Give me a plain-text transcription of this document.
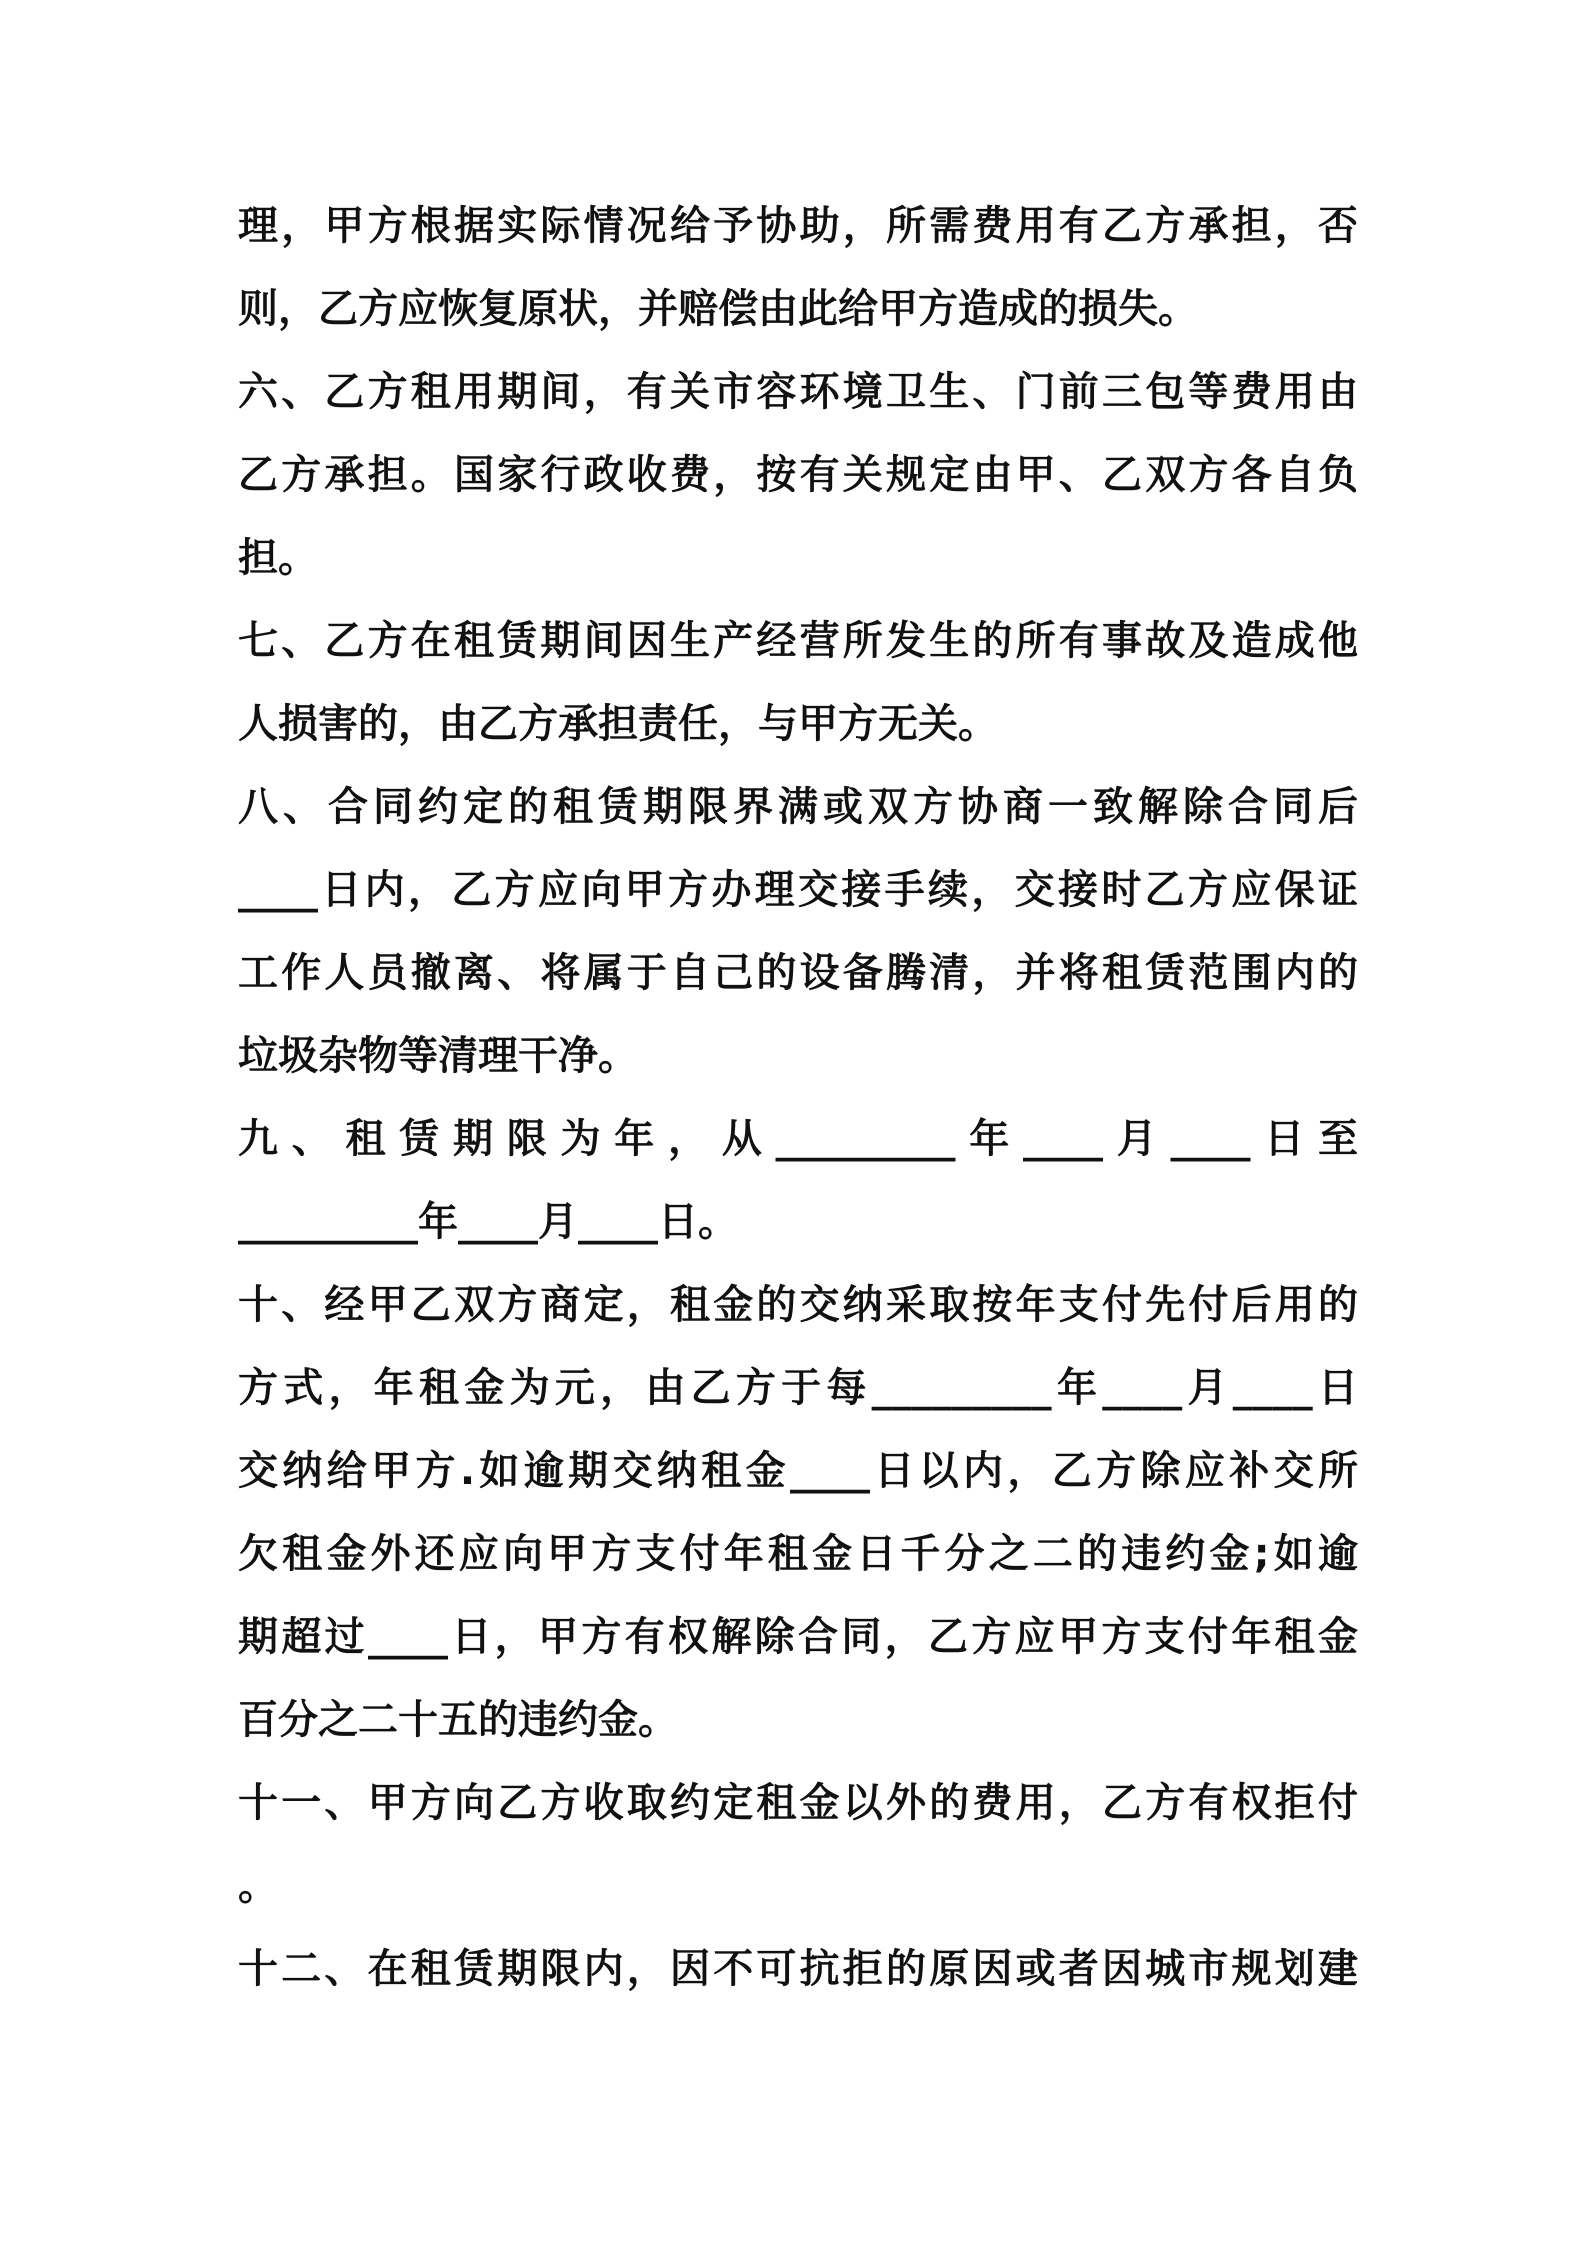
理，甲方根据实际情况给予协助，所需费用有乙方承担，否
则，乙方应恢复原状，并赔偿由此给甲方造成的损失。
六、乙方租用期间，有关市容环境卫生、门前三包等费用由
乙方承担。国家行政收费，按有关规定由甲、乙双方各自负
担。
七、乙方在租赁期间因生产经营所发生的所有事故及造成他
人损害的，由乙方承担责任，与甲方无关。
八、合同约定的租赁期限界满或双方协商一致解除合同后
____日内，乙方应向甲方办理交接手续，交接时乙方应保证
工作人员撤离、将属于自己的设备腾清，并将租赁范围内的
垃圾杂物等清理干净。
九、租赁期限为年，从_________年____月____日至
_________年____月____日。
十、经甲乙双方商定，租金的交纳采取按年支付先付后用的
方式，年租金为元，由乙方于每_________年____月____日
交纳给甲方.如逾期交纳租金____日以内，乙方除应补交所
欠租金外还应向甲方支付年租金日千分之二的违约金;如逾
期超过____日，甲方有权解除合同，乙方应甲方支付年租金
百分之二十五的违约金。
十一、甲方向乙方收取约定租金以外的费用，乙方有权拒付
。
十二、在租赁期限内，因不可抗拒的原因或者因城市规划建
